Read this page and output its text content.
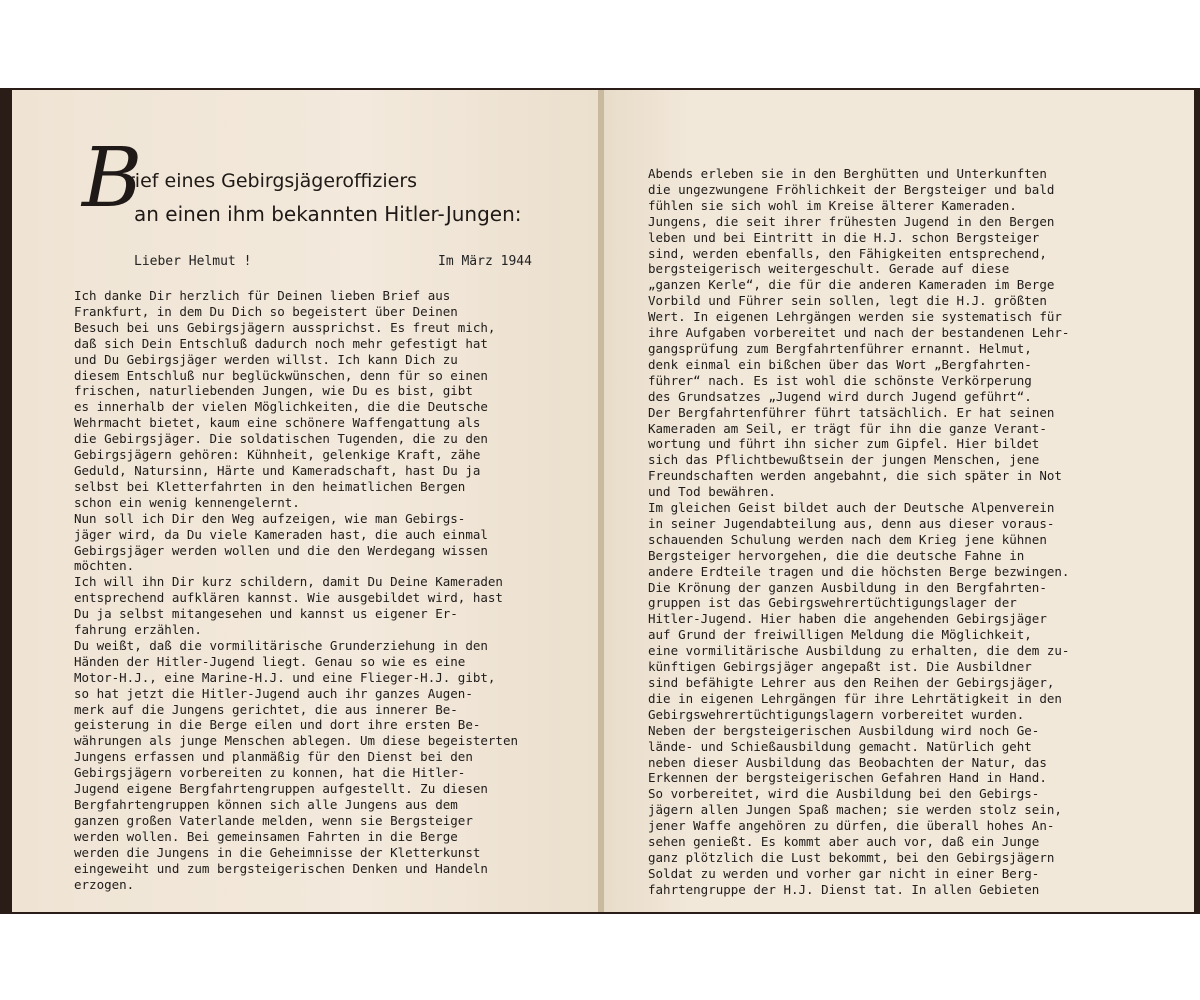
B
rief eines Gebirgsjägeroffiziers
an einen ihm bekannten Hitler-Jungen:
Lieber Helmut !	Im März 1944
Ich danke Dir herzlich für Deinen lieben Brief aus
Frankfurt, in dem Du Dich so begeistert über Deinen
Besuch bei uns Gebirgsjägern aussprichst. Es freut mich,
daß sich Dein Entschluß dadurch noch mehr gefestigt hat
und Du Gebirgsjäger werden willst. Ich kann Dich zu
diesem Entschluß nur beglückwünschen, denn für so einen
frischen, naturliebenden Jungen, wie Du es bist, gibt
es innerhalb der vielen Möglichkeiten, die die Deutsche
Wehrmacht bietet, kaum eine schönere Waffengattung als
die Gebirgsjäger. Die soldatischen Tugenden, die zu den
Gebirgsjägern gehören: Kühnheit, gelenkige Kraft, zähe
Geduld, Natursinn, Härte und Kameradschaft, hast Du ja
selbst bei Kletterfahrten in den heimatlichen Bergen
schon ein wenig kennengelernt.
Nun soll ich Dir den Weg aufzeigen, wie man Gebirgs-
jäger wird, da Du viele Kameraden hast, die auch einmal
Gebirgsjäger werden wollen und die den Werdegang wissen
möchten.
Ich will ihn Dir kurz schildern, damit Du Deine Kameraden
entsprechend aufklären kannst. Wie ausgebildet wird, hast
Du ja selbst mitangesehen und kannst us eigener Er-
fahrung erzählen.
Du weißt, daß die vormilitärische Grunderziehung in den
Händen der Hitler-Jugend liegt. Genau so wie es eine
Motor-H.J., eine Marine-H.J. und eine Flieger-H.J. gibt,
so hat jetzt die Hitler-Jugend auch ihr ganzes Augen-
merk auf die Jungens gerichtet, die aus innerer Be-
geisterung in die Berge eilen und dort ihre ersten Be-
währungen als junge Menschen ablegen. Um diese begeisterten
Jungens erfassen und planmäßig für den Dienst bei den
Gebirgsjägern vorbereiten zu konnen, hat die Hitler-
Jugend eigene Bergfahrtengruppen aufgestellt. Zu diesen
Bergfahrtengruppen können sich alle Jungens aus dem
ganzen großen Vaterlande melden, wenn sie Bergsteiger
werden wollen. Bei gemeinsamen Fahrten in die Berge
werden die Jungens in die Geheimnisse der Kletterkunst
eingeweiht und zum bergsteigerischen Denken und Handeln
erzogen.
Abends erleben sie in den Berghütten und Unterkunften
die ungezwungene Fröhlichkeit der Bergsteiger und bald
fühlen sie sich wohl im Kreise älterer Kameraden.
Jungens, die seit ihrer frühesten Jugend in den Bergen
leben und bei Eintritt in die H.J. schon Bergsteiger
sind, werden ebenfalls, den Fähigkeiten entsprechend,
bergsteigerisch weitergeschult. Gerade auf diese
„ganzen Kerle“, die für die anderen Kameraden im Berge
Vorbild und Führer sein sollen, legt die H.J. größten
Wert. In eigenen Lehrgängen werden sie systematisch für
ihre Aufgaben vorbereitet und nach der bestandenen Lehr-
gangsprüfung zum Bergfahrtenführer ernannt. Helmut,
denk einmal ein bißchen über das Wort „Bergfahrten-
führer“ nach. Es ist wohl die schönste Verkörperung
des Grundsatzes „Jugend wird durch Jugend geführt“.
Der Bergfahrtenführer führt tatsächlich. Er hat seinen
Kameraden am Seil, er trägt für ihn die ganze Verant-
wortung und führt ihn sicher zum Gipfel. Hier bildet
sich das Pflichtbewußtsein der jungen Menschen, jene
Freundschaften werden angebahnt, die sich später in Not
und Tod bewähren.
Im gleichen Geist bildet auch der Deutsche Alpenverein
in seiner Jugendabteilung aus, denn aus dieser voraus-
schauenden Schulung werden nach dem Krieg jene kühnen
Bergsteiger hervorgehen, die die deutsche Fahne in
andere Erdteile tragen und die höchsten Berge bezwingen.
Die Krönung der ganzen Ausbildung in den Bergfahrten-
gruppen ist das Gebirgswehrertüchtigungslager der
Hitler-Jugend. Hier haben die angehenden Gebirgsjäger
auf Grund der freiwilligen Meldung die Möglichkeit,
eine vormilitärische Ausbildung zu erhalten, die dem zu-
künftigen Gebirgsjäger angepaßt ist. Die Ausbildner
sind befähigte Lehrer aus den Reihen der Gebirgsjäger,
die in eigenen Lehrgängen für ihre Lehrtätigkeit in den
Gebirgswehrertüchtigungslagern vorbereitet wurden.
Neben der bergsteigerischen Ausbildung wird noch Ge-
lände- und Schießausbildung gemacht. Natürlich geht
neben dieser Ausbildung das Beobachten der Natur, das
Erkennen der bergsteigerischen Gefahren Hand in Hand.
So vorbereitet, wird die Ausbildung bei den Gebirgs-
jägern allen Jungen Spaß machen; sie werden stolz sein,
jener Waffe angehören zu dürfen, die überall hohes An-
sehen genießt. Es kommt aber auch vor, daß ein Junge
ganz plötzlich die Lust bekommt, bei den Gebirgsjägern
Soldat zu werden und vorher gar nicht in einer Berg-
fahrtengruppe der H.J. Dienst tat. In allen Gebieten
